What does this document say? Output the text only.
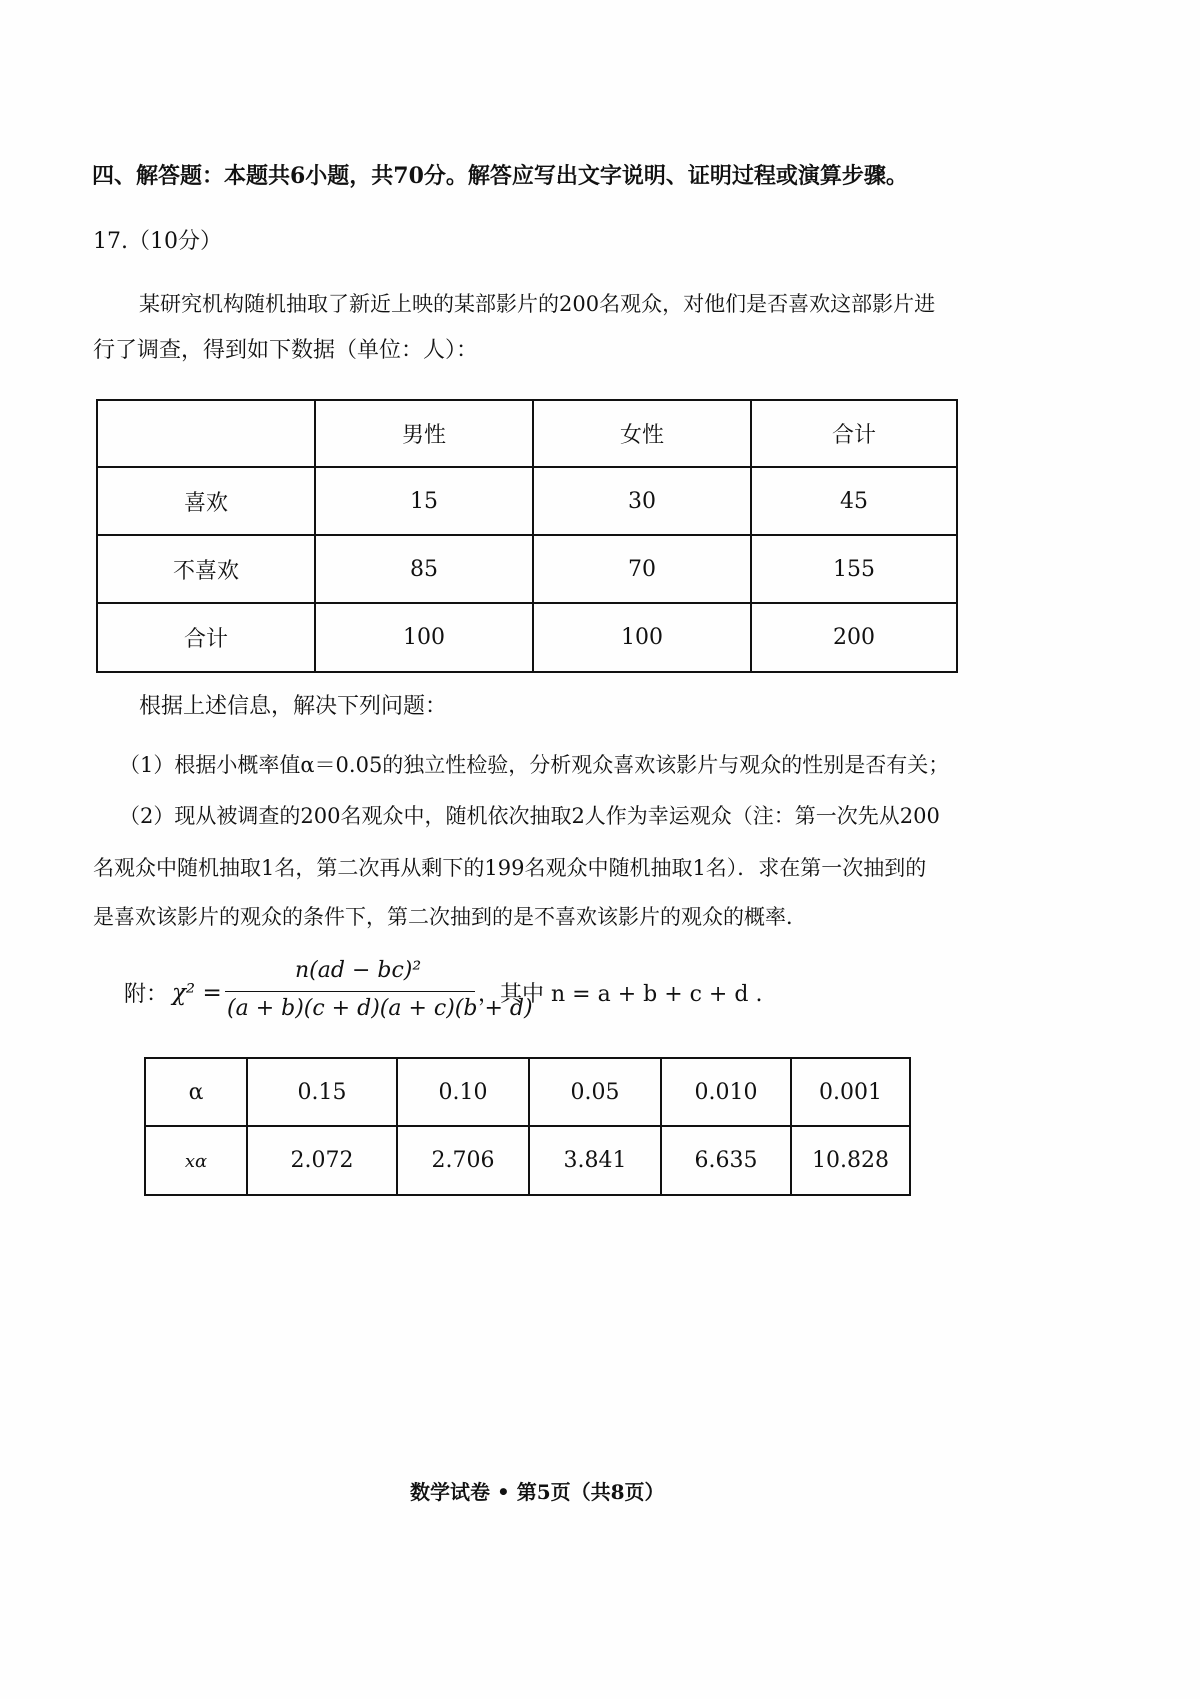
四、解答题：本题共6小题，共70分。解答应写出文字说明、证明过程或演算步骤。
17.（10分）
某研究机构随机抽取了新近上映的某部影片的200名观众，对他们是否喜欢这部影片进
行了调查，得到如下数据（单位：人）：
	男性	女性	合计
喜欢	15	30	45
不喜欢	85	70	155
合计	100	100	200
根据上述信息，解决下列问题：
（1）根据小概率值α＝0.05的独立性检验，分析观众喜欢该影片与观众的性别是否有关；
（2）现从被调查的200名观众中，随机依次抽取2人作为幸运观众（注：第一次先从200
名观众中随机抽取1名，第二次再从剩下的199名观众中随机抽取1名）．求在第一次抽到的
是喜欢该影片的观众的条件下，第二次抽到的是不喜欢该影片的观众的概率．
附： χ² =
n(ad − bc)²
(a + b)(c + d)(a + c)(b + d)
，其中 n = a + b + c + d .
α	0.15	0.10	0.05	0.010	0.001
xα	2.072	2.706	3.841	6.635	10.828
数学试卷 • 第5页（共8页）
